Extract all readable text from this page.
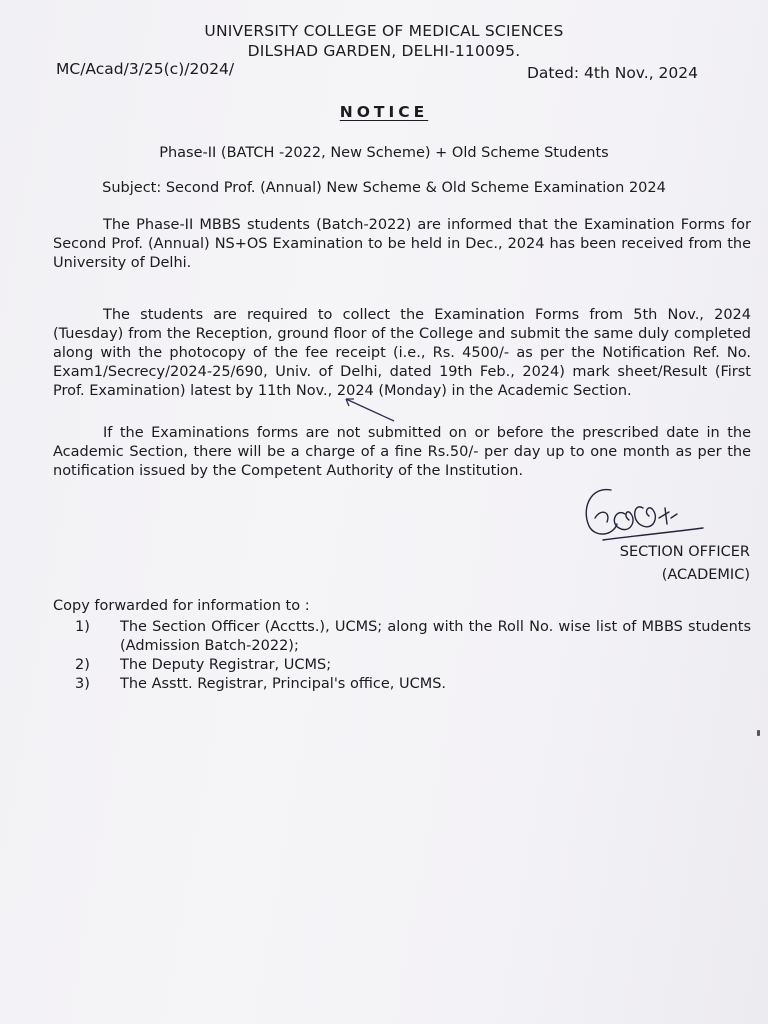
UNIVERSITY COLLEGE OF MEDICAL SCIENCES
DILSHAD GARDEN, DELHI-110095.
MC/Acad/3/25(c)/2024/	Dated: 4th Nov., 2024
NOTICE
Phase-II (BATCH -2022, New Scheme) + Old Scheme Students
Subject: Second Prof. (Annual) New Scheme & Old Scheme Examination 2024

The Phase-II MBBS students (Batch-2022) are informed that the Examination Forms for Second Prof. (Annual) NS+OS Examination to be held in Dec., 2024 has been received from the University of Delhi.

The students are required to collect the Examination Forms from 5th Nov., 2024 (Tuesday) from the Reception, ground floor of the College and submit the same duly completed along with the photocopy of the fee receipt (i.e., Rs. 4500/- as per the Notification Ref. No. Exam1/Secrecy/2024-25/690, Univ. of Delhi, dated 19th Feb., 2024) mark sheet/Result (First Prof. Examination) latest by 11th Nov., 2024 (Monday) in the Academic Section.

If the Examinations forms are not submitted on or before the prescribed date in the Academic Section, there will be a charge of a fine Rs.50/- per day up to one month as per the notification issued by the Competent Authority of the Institution.

SECTION OFFICER
(ACADEMIC)
Copy forwarded for information to :
1)	The Section Officer (Acctts.), UCMS; along with the Roll No. wise list of MBBS students (Admission Batch-2022);
2)	The Deputy Registrar, UCMS;
3)	The Asstt. Registrar, Principal's office, UCMS.
